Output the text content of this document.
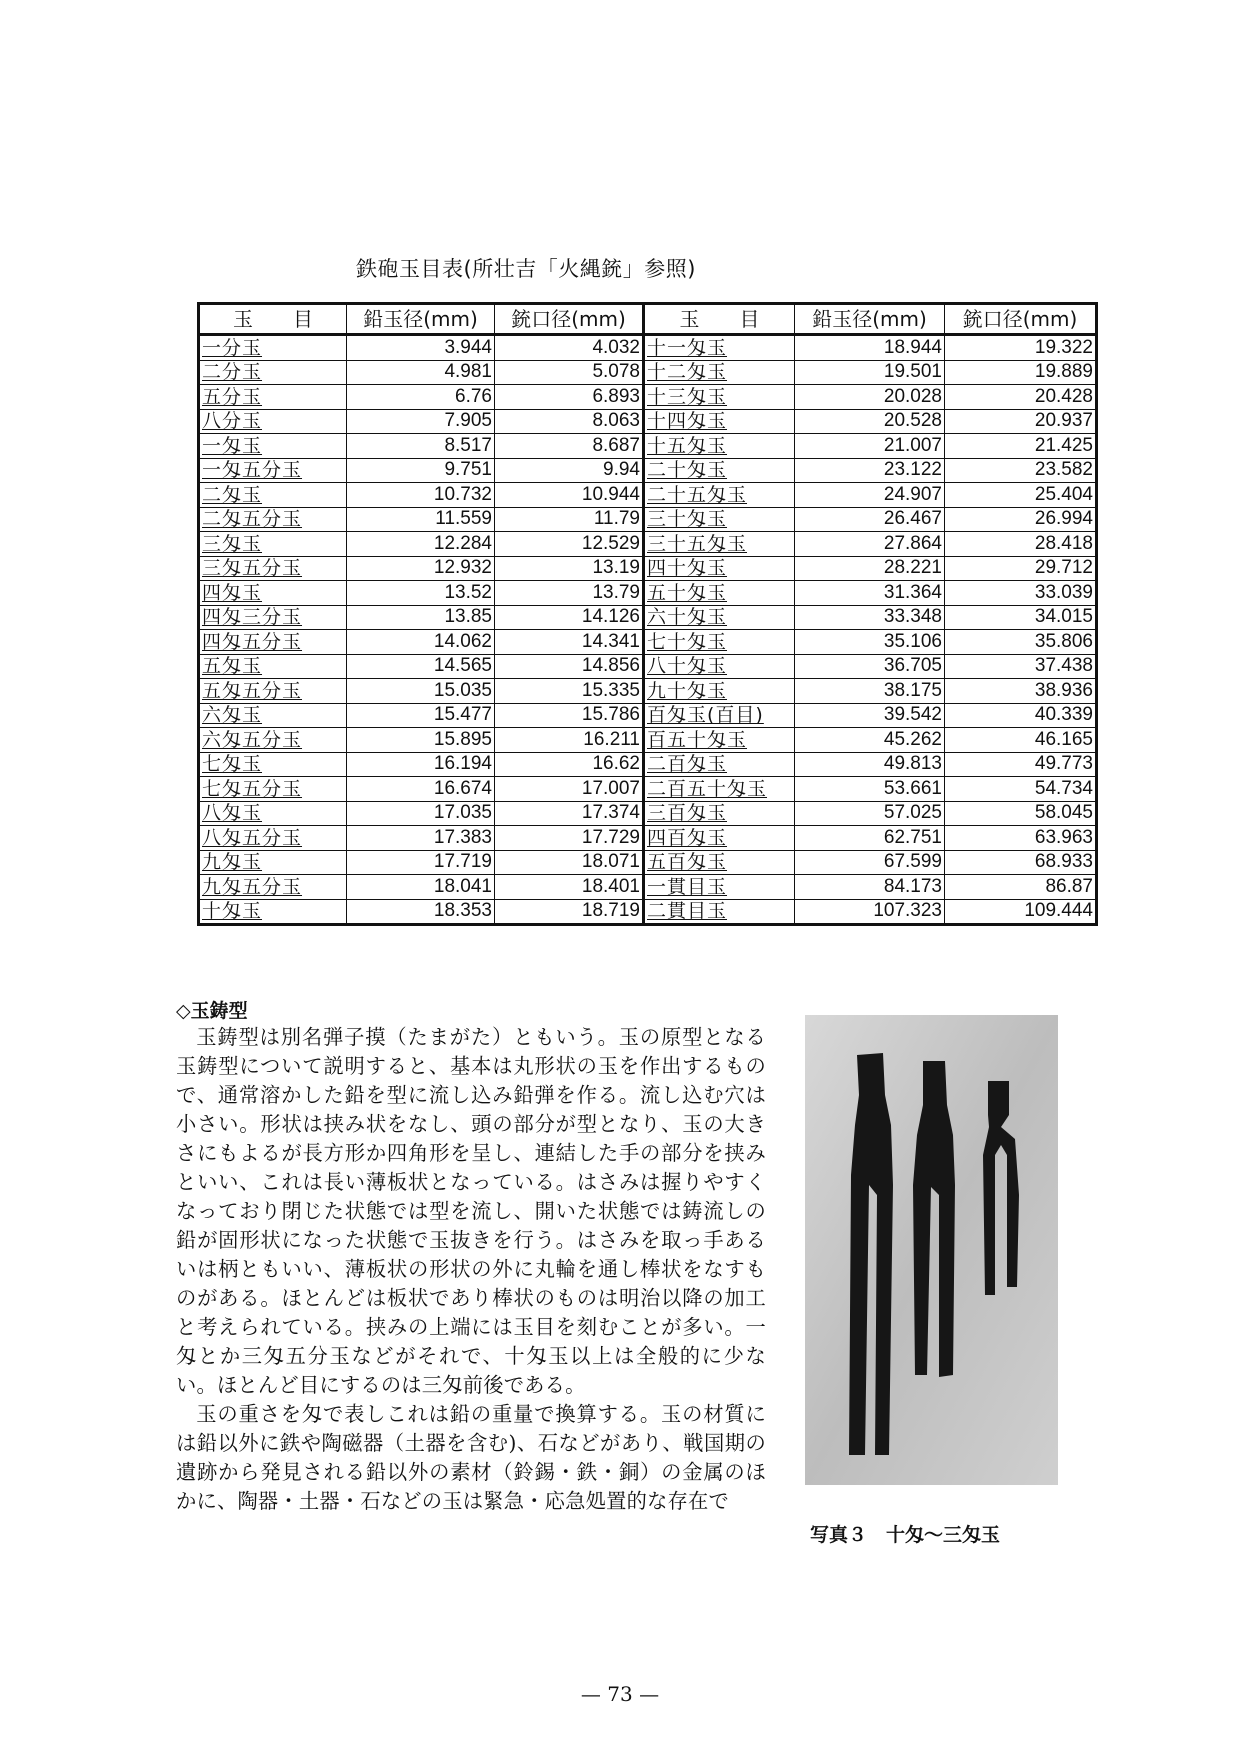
鉄砲玉目表(所壮吉「火縄銃」参照)
玉　　目	鉛玉径(mm)	銃口径(mm)	玉　　目	鉛玉径(mm)	銃口径(mm)
一分玉	3.944	4.032	十一匁玉	18.944	19.322
二分玉	4.981	5.078	十二匁玉	19.501	19.889
五分玉	6.76	6.893	十三匁玉	20.028	20.428
八分玉	7.905	8.063	十四匁玉	20.528	20.937
一匁玉	8.517	8.687	十五匁玉	21.007	21.425
一匁五分玉	9.751	9.94	二十匁玉	23.122	23.582
二匁玉	10.732	10.944	二十五匁玉	24.907	25.404
二匁五分玉	11.559	11.79	三十匁玉	26.467	26.994
三匁玉	12.284	12.529	三十五匁玉	27.864	28.418
三匁五分玉	12.932	13.19	四十匁玉	28.221	29.712
四匁玉	13.52	13.79	五十匁玉	31.364	33.039
四匁三分玉	13.85	14.126	六十匁玉	33.348	34.015
四匁五分玉	14.062	14.341	七十匁玉	35.106	35.806
五匁玉	14.565	14.856	八十匁玉	36.705	37.438
五匁五分玉	15.035	15.335	九十匁玉	38.175	38.936
六匁玉	15.477	15.786	百匁玉(百目)	39.542	40.339
六匁五分玉	15.895	16.211	百五十匁玉	45.262	46.165
七匁玉	16.194	16.62	二百匁玉	49.813	49.773
七匁五分玉	16.674	17.007	二百五十匁玉	53.661	54.734
八匁玉	17.035	17.374	三百匁玉	57.025	58.045
八匁五分玉	17.383	17.729	四百匁玉	62.751	63.963
九匁玉	17.719	18.071	五百匁玉	67.599	68.933
九匁五分玉	18.041	18.401	一貫目玉	84.173	86.87
十匁玉	18.353	18.719	二貫目玉	107.323	109.444
◇玉鋳型

玉鋳型は別名弾子摸（たまがた）ともいう。玉の原型となる玉鋳型について説明すると、基本は丸形状の玉を作出するもので、通常溶かした鉛を型に流し込み鉛弾を作る。流し込む穴は小さい。形状は挟み状をなし、頭の部分が型となり、玉の大きさにもよるが長方形か四角形を呈し、連結した手の部分を挟みといい、これは長い薄板状となっている。はさみは握りやすくなっており閉じた状態では型を流し、開いた状態では鋳流しの鉛が固形状になった状態で玉抜きを行う。はさみを取っ手あるいは柄ともいい、薄板状の形状の外に丸輪を通し棒状をなすものがある。ほとんどは板状であり棒状のものは明治以降の加工と考えられている。挟みの上端には玉目を刻むことが多い。一匁とか三匁五分玉などがそれで、十匁玉以上は全般的に少ない。ほとんど目にするのは三匁前後である。

玉の重さを匁で表しこれは鉛の重量で換算する。玉の材質には鉛以外に鉄や陶磁器（土器を含む)、石などがあり、戦国期の遺跡から発見される鉛以外の素材（鈴錫・鉄・銅）の金属のほかに、陶器・土器・石などの玉は緊急・応急処置的な存在で

写真３　十匁～三匁玉
— 73 —
